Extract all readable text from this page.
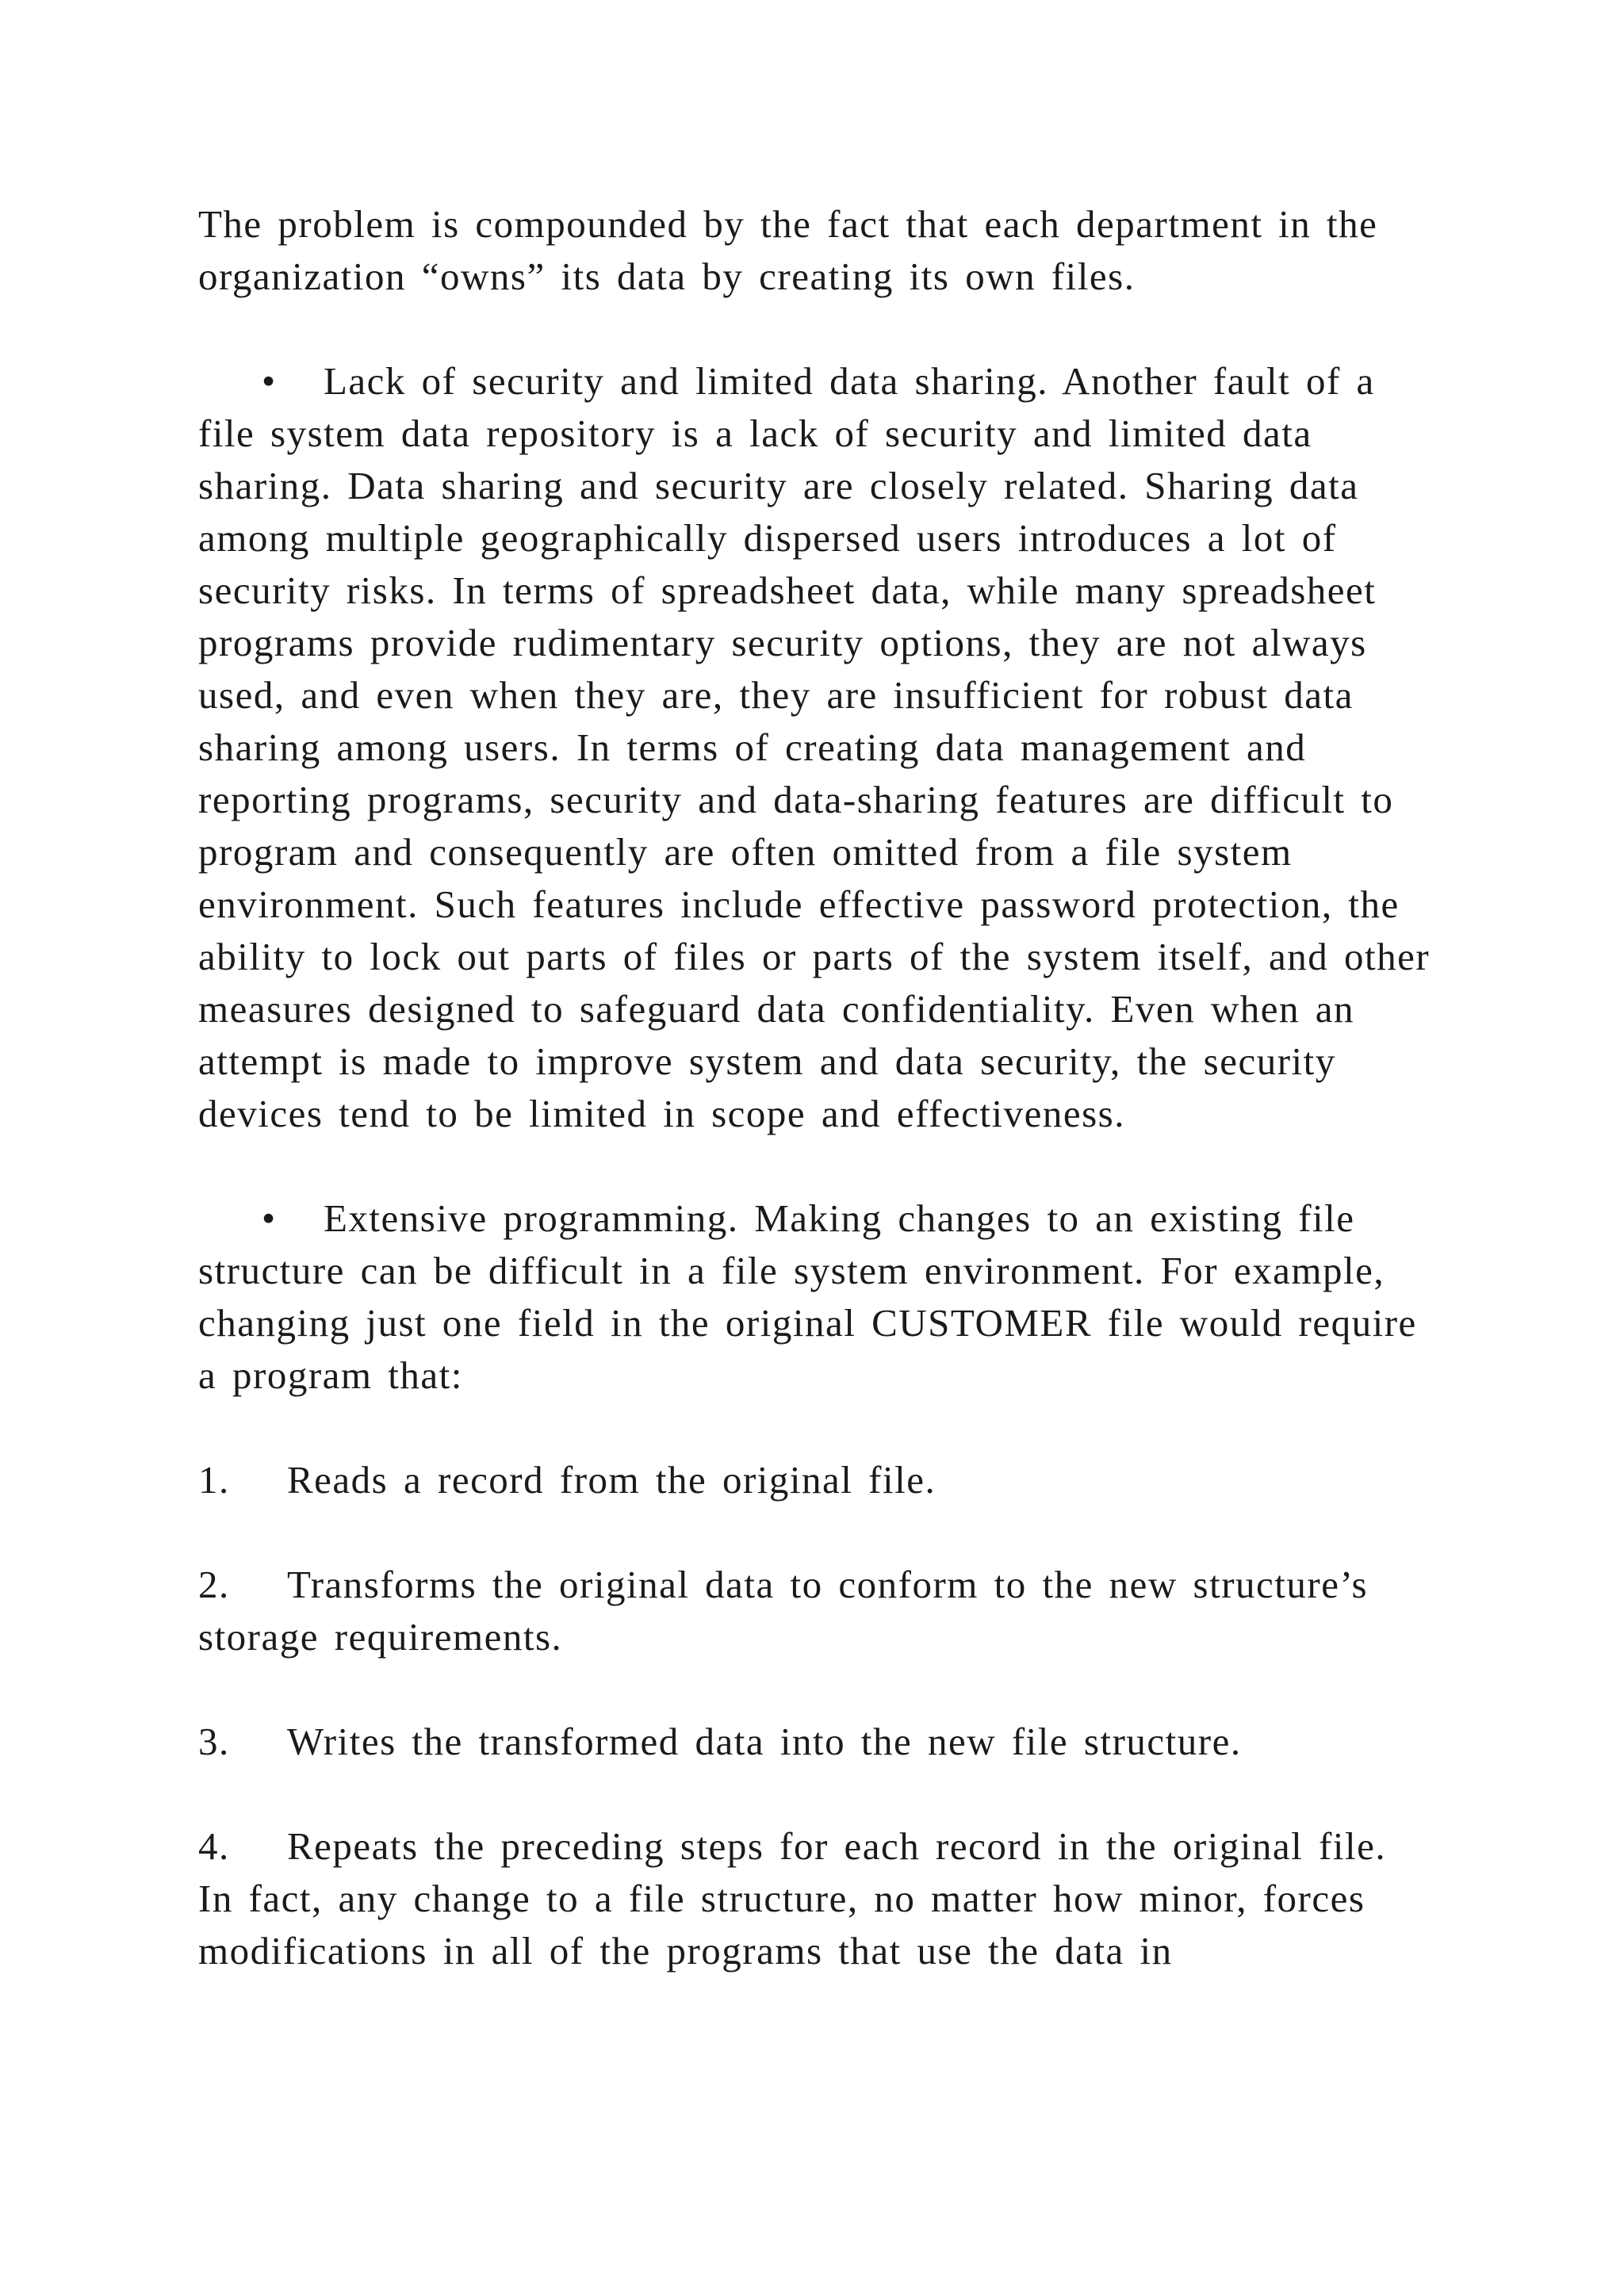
The problem is compounded by the fact that each department in the organization “owns” its data by creating its own files.

• Lack of security and limited data sharing. Another fault of a file system data repository is a lack of security and limited data sharing. Data sharing and security are closely related. Sharing data among multiple geographically dispersed users introduces a lot of security risks. In terms of spreadsheet data, while many spreadsheet programs provide rudimentary security options, they are not always used, and even when they are, they are insufficient for robust data sharing among users. In terms of creating data management and reporting programs, security and data-sharing features are difficult to program and consequently are often omitted from a file system environment. Such features include effective password protection, the ability to lock out parts of files or parts of the system itself, and other measures designed to safeguard data confidentiality. Even when an attempt is made to improve system and data security, the security devices tend to be limited in scope and effectiveness.

• Extensive programming. Making changes to an existing file structure can be difficult in a file system environment. For example, changing just one field in the original CUSTOMER file would require a program that:

1. Reads a record from the original file.

2. Transforms the original data to conform to the new structure’s storage requirements.

3. Writes the transformed data into the new file structure.

4. Repeats the preceding steps for each record in the original file.

In fact, any change to a file structure, no matter how minor, forces modifications in all of the programs that use the data in
